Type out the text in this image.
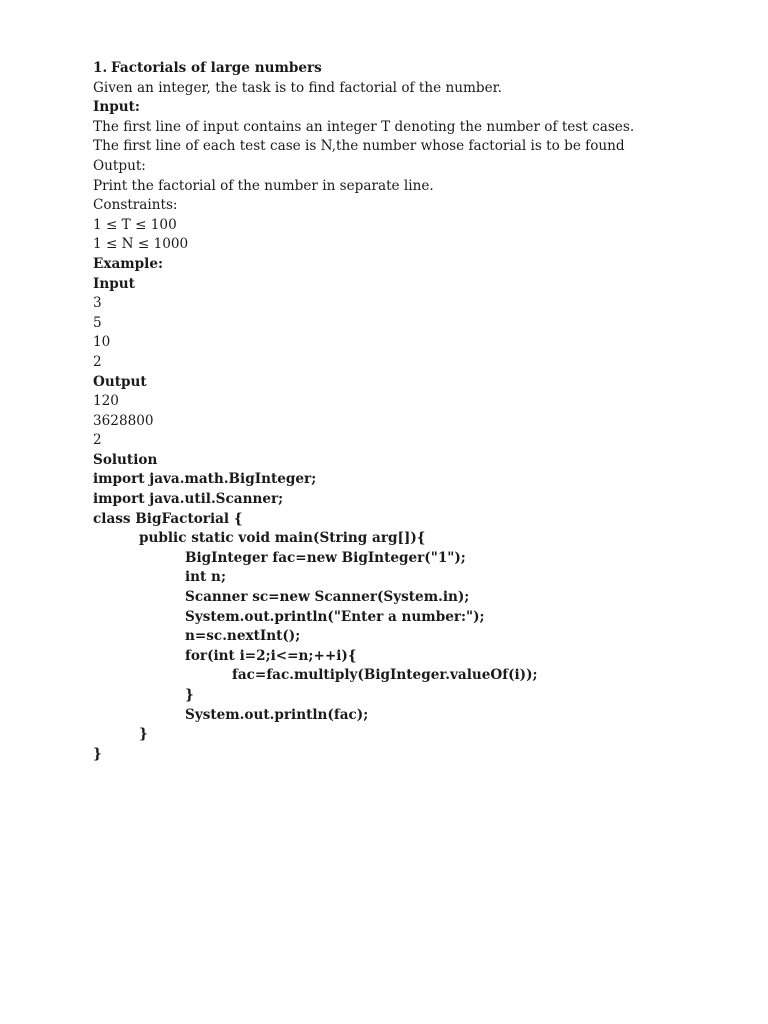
1. Factorials of large numbers
Given an integer, the task is to find factorial of the number.
Input:
The first line of input contains an integer T denoting the number of test cases.
The first line of each test case is N,the number whose factorial is to be found
Output:
Print the factorial of the number in separate line.
Constraints:
1 ≤ T ≤ 100
1 ≤ N ≤ 1000
Example:
Input
3
5
10
2
Output
120
3628800
2
Solution
import java.math.BigInteger;
import java.util.Scanner;
class BigFactorial {
public static void main(String arg[]){
BigInteger fac=new BigInteger("1");
int n;
Scanner sc=new Scanner(System.in);
System.out.println("Enter a number:");
n=sc.nextInt();
for(int i=2;i<=n;++i){
fac=fac.multiply(BigInteger.valueOf(i));
}
System.out.println(fac);
}
}
